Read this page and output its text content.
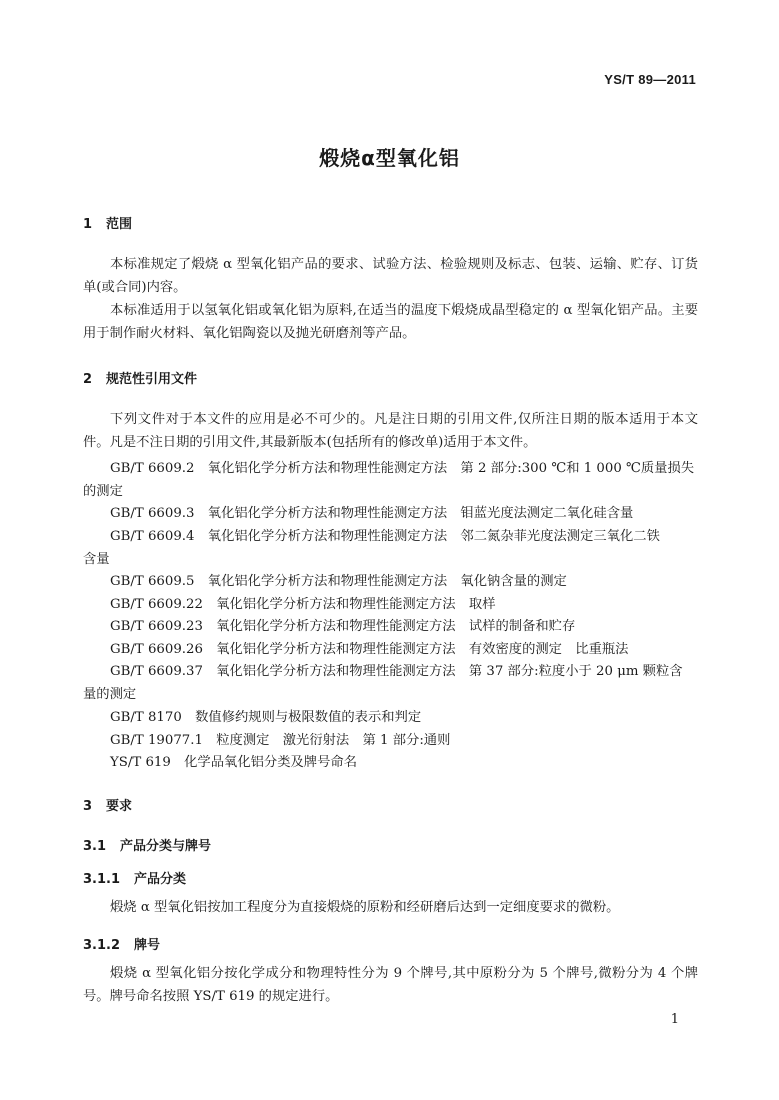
YS/T 89—2011
煅烧α型氧化铝
1 范围
本标准规定了煅烧 α 型氧化铝产品的要求、试验方法、检验规则及标志、包装、运输、贮存、订货单(或合同)内容。
本标准适用于以氢氧化铝或氧化铝为原料,在适当的温度下煅烧成晶型稳定的 α 型氧化铝产品。主要用于制作耐火材料、氧化铝陶瓷以及抛光研磨剂等产品。
2 规范性引用文件
下列文件对于本文件的应用是必不可少的。凡是注日期的引用文件,仅所注日期的版本适用于本文件。凡是不注日期的引用文件,其最新版本(包括所有的修改单)适用于本文件。
GB/T 6609.2　氧化铝化学分析方法和物理性能测定方法　第 2 部分:300 ℃和 1 000 ℃质量损失
的测定
GB/T 6609.3　氧化铝化学分析方法和物理性能测定方法　钼蓝光度法测定二氧化硅含量
GB/T 6609.4　氧化铝化学分析方法和物理性能测定方法　邻二氮杂菲光度法测定三氧化二铁
含量
GB/T 6609.5　氧化铝化学分析方法和物理性能测定方法　氧化钠含量的测定
GB/T 6609.22　氧化铝化学分析方法和物理性能测定方法　取样
GB/T 6609.23　氧化铝化学分析方法和物理性能测定方法　试样的制备和贮存
GB/T 6609.26　氧化铝化学分析方法和物理性能测定方法　有效密度的测定　比重瓶法
GB/T 6609.37　氧化铝化学分析方法和物理性能测定方法　第 37 部分:粒度小于 20 μm 颗粒含
量的测定
GB/T 8170　数值修约规则与极限数值的表示和判定
GB/T 19077.1　粒度测定　激光衍射法　第 1 部分:通则
YS/T 619　化学品氧化铝分类及牌号命名
3 要求
3.1 产品分类与牌号
3.1.1 产品分类
煅烧 α 型氧化铝按加工程度分为直接煅烧的原粉和经研磨后达到一定细度要求的微粉。
3.1.2 牌号
煅烧 α 型氧化铝分按化学成分和物理特性分为 9 个牌号,其中原粉分为 5 个牌号,微粉分为 4 个牌号。牌号命名按照 YS/T 619 的规定进行。
1
